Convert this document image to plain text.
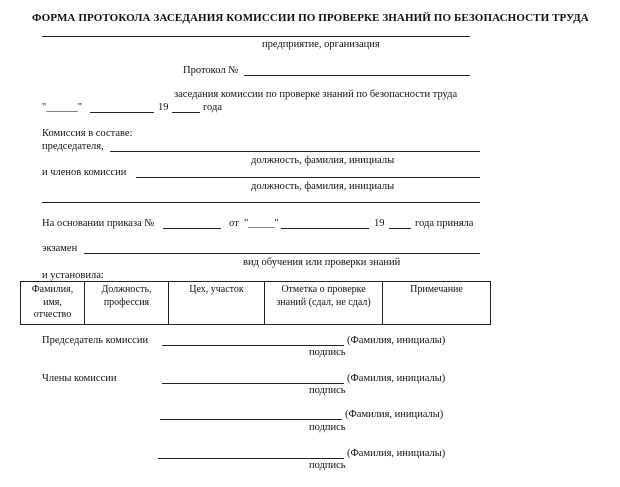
ФОРМА ПРОТОКОЛА ЗАСЕДАНИЯ КОМИССИИ ПО ПРОВЕРКЕ ЗНАНИЙ ПО БЕЗОПАСНОСТИ ТРУДА
предприятие, организация
Протокол №
заседания комиссии по проверке знаний по безопасности труда
"______"	19	года
Комиссия в составе:
председателя,
должность, фамилия, инициалы
и членов комиссии
должность, фамилия, инициалы
На основании приказа №	от "_____"	19	года приняла
экзамен
вид обучения или проверки знаний
и установила:
Фамилия, имя, отчество	Должность, профессия	Цех, участок	Отметка о проверке знаний (сдал, не сдал)	Примечание
Председатель комиссии	(Фамилия, инициалы)
подпись
Члены комиссии	(Фамилия, инициалы)
подпись
(Фамилия, инициалы)
подпись
(Фамилия, инициалы)
подпись
